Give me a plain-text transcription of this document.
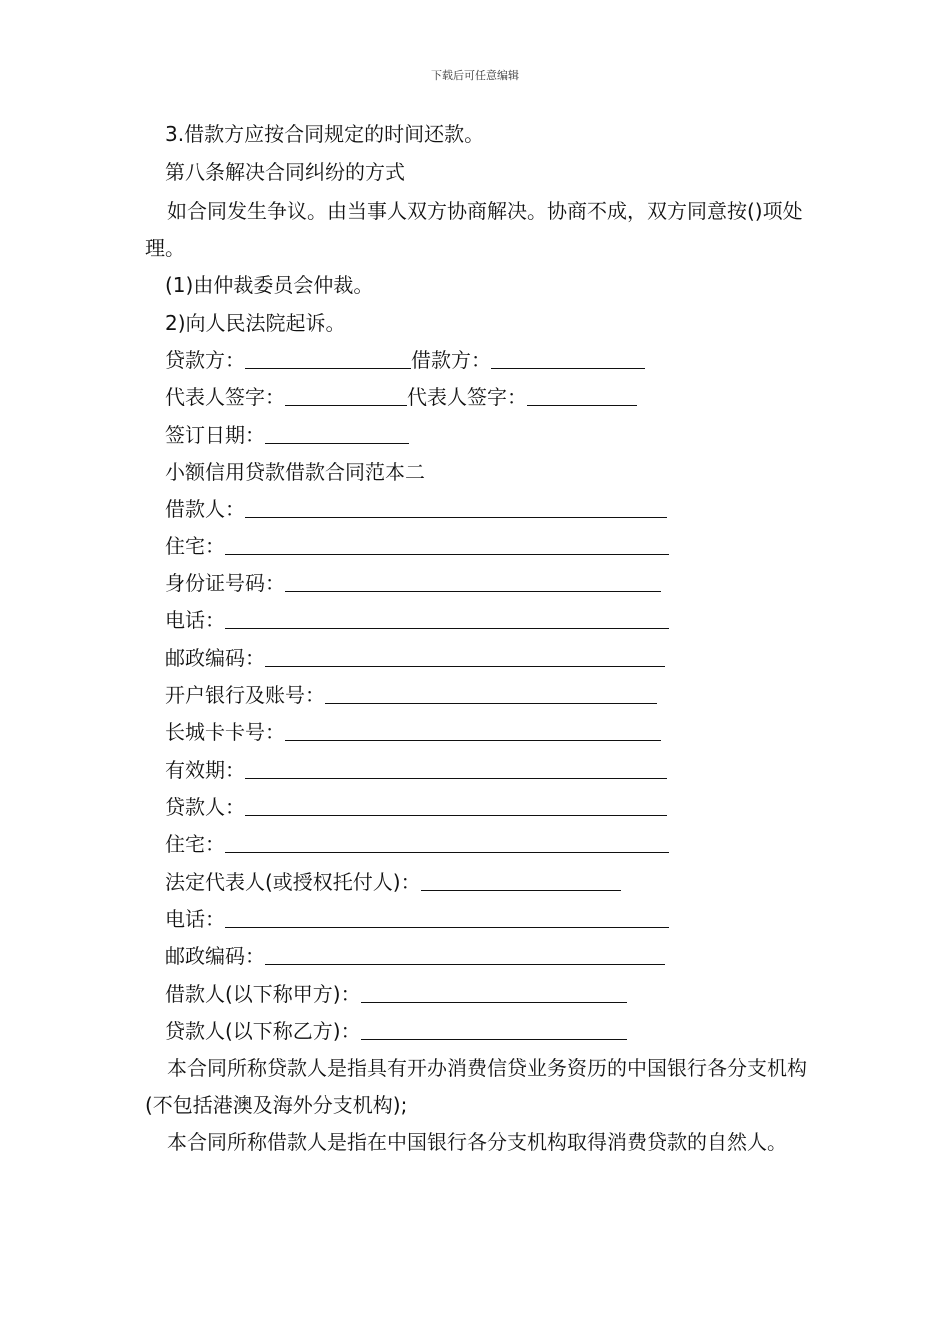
下载后可任意编辑
3.借款方应按合同规定的时间还款。
第八条解决合同纠纷的方式
如合同发生争议。由当事人双方协商解决。协商不成，双方同意按()项处理。
(1)由仲裁委员会仲裁。
2)向人民法院起诉。
贷款方：	借款方：
代表人签字：	代表人签字：
签订日期：
小额信用贷款借款合同范本二
借款人：
住宅：
身份证号码：
电话：
邮政编码：
开户银行及账号：
长城卡卡号：
有效期：
贷款人：
住宅：
法定代表人(或授权托付人)：
电话：
邮政编码：
借款人(以下称甲方)：
贷款人(以下称乙方)：
本合同所称贷款人是指具有开办消费信贷业务资历的中国银行各分支机构(不包括港澳及海外分支机构);
本合同所称借款人是指在中国银行各分支机构取得消费贷款的自然人。
